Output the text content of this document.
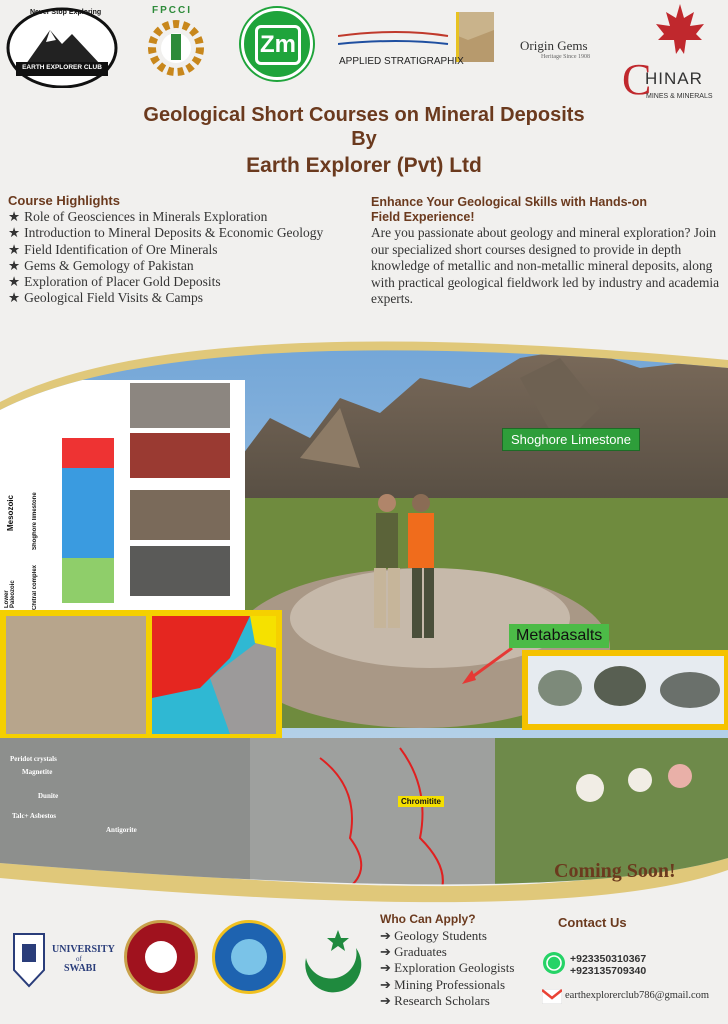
Never Stop Exploring
EARTH EXPLORER CLUB
FPCCI
Zm
APPLIED STRATIGRAPHIX
Origin Gems
Heritage Since 1908 C
HINAR
MINES & MINERALS
Geological Short Courses on Mineral Deposits
By
Earth Explorer (Pvt) Ltd
Course Highlights
★ Role of Geosciences in Minerals Exploration
★ Introduction to Mineral Deposits & Economic Geology
★ Field Identification of Ore Minerals
★ Gems & Gemology of Pakistan
★ Exploration of Placer Gold Deposits
★ Geological Field Visits & Camps
Enhance Your Geological Skills with Hands-on
Field Experience!

Are you passionate about geology and mineral exploration? Join our specialized short courses designed to provide in depth knowledge of metallic and non-metallic mineral deposits, along with practical geological fieldwork led by industry and academia experts.

Shoghore Limestone
Metabasalts
Chromitite
Mesozoic
Lower Paleozoic
Shoghore limestone
Chitral complex
Peridot crystals
Magnetite
Dunite
Talc+ Asbestos
Antigorite
Coming Soon!
UNIVERSITY
of
SWABI
Who Can Apply?
➔ Geology Students
➔ Graduates
➔ Exploration Geologists
➔ Mining Professionals
➔ Research Scholars
Contact Us
+923350310367
+923135709340
earthexplorerclub786@gmail.com
